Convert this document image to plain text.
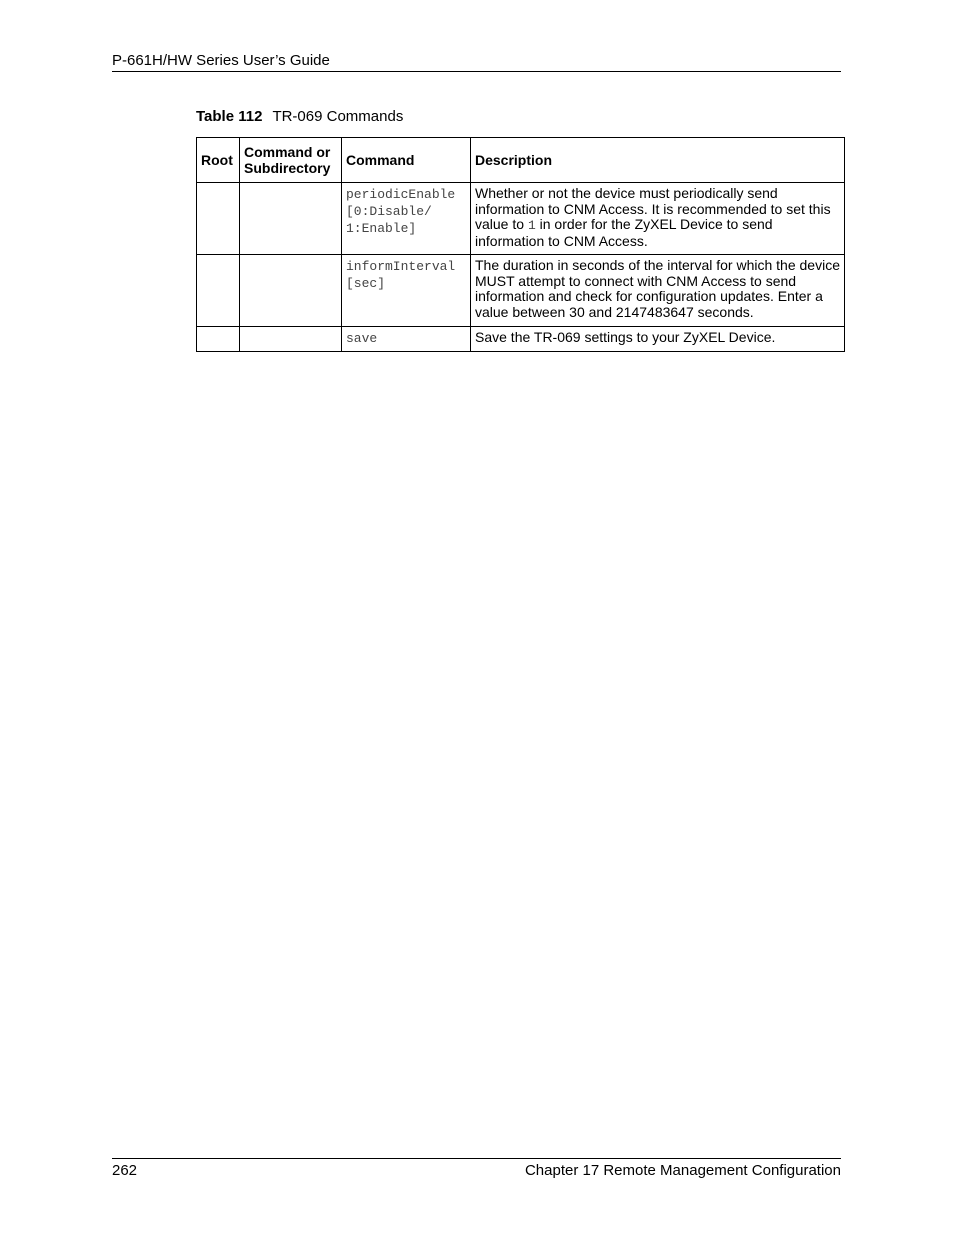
P-661H/HW Series User’s Guide
Table 112 TR-069 Commands
Root	Command or Subdirectory	Command	Description

		periodicEnable
[0:Disable/
1:Enable]	Whether or not the device must periodically send information to CNM Access. It is recommended to set this value to 1 in order for the ZyXEL Device to send information to CNM Access.

		informInterval
[sec]	The duration in seconds of the interval for which the device MUST attempt to connect with CNM Access to send information and check for configuration updates. Enter a value between 30 and 2147483647 seconds.

		save	Save the TR-069 settings to your ZyXEL Device.
262	Chapter 17 Remote Management Configuration
